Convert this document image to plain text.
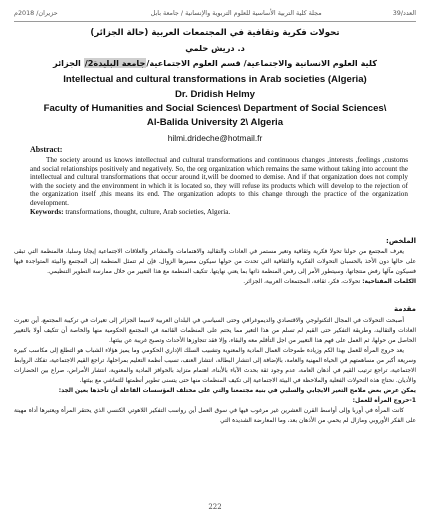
العدد/39
مجلة كلية التربية الأساسية للعلوم التربوية والإنسانية / جامعة بابل
حزيران/ 2018م
تحولات فكرية وثقافية في المجتمعات العربية (حالة الجزائر)
د. دريش حلمي
كلية العلوم الانسانية والاجتماعية/ قسم العلوم الاجتماعية/جامعة البليدة2/ الجزائر
Intellectual and cultural transformations in Arab societies (Algeria)
Dr. Dridish Helmy
Faculty of Humanities and Social Sciences\ Department of Social Sciences\
Al-Balida University 2\ Algeria
hilmi.drideche@hotmail.fr
Abstract:

The society around us knows intellectual and cultural transformations and continuous changes ,interests ,feelings ,customs and social relationships positively and negatively. So, the org organization which remains the same without taking into account the intellectual and cultural transformations that occur around it,will be doomed to demise. And if that organization does not comply with the society and the environment in which it is located so, they will refuse its products which will develop to the rejection of the organization itself ,this means its end. The organization adopts to this change through the practice of the organization development.

Keywords: transformations, thought, culture, Arab societies, Algeria.
الملخص:

يعرف المجتمع من حولنا تحولا فكرية وثقافية وتغير مستمر في العادات والتقاليد والاهتمامات والمشاعر والعلاقات الاجتماعية إيجابا وسلبا، فالمنظمة التي تبقى على حالها دون الأخذ بالحسبان التحولات الفكرية والثقافية التي تحدث من حولها سيكون مصيرها الزوال. فإن لم تتمثل المنظمة إلى المجتمع والبيئة المتواجدة فيها فسيكون مآلها رفض منتجاتها، وسيتطور الأمر إلى رفض المنظمة ذاتها بما يعني نهايتها. تتكيف المنظمة مع هذا التغيير من خلال ممارسة التطوير التنظيمي.

الكلمات المفتاحية: تحولات، فكر، ثقافة، المجتمعات العربية، الجزائر.
مقدمة

أصبحت التحولات في المجال التكنولوجي والاقتصادي والديموغرافي وحتى السياسي في البلدان العربية لاسيما الجزائر إلى تغيرات في تركيبة المجتمع، أين تغيرت العادات والتقاليد، وطريقة التفكير حتى القيم لم تسلم من هذا التغير مما يحتم على المنظمات القائمة في المجتمع الحكومية منها والخاصة أن تتكيف أولا بالتغيير الحاصل من حولها، ثم العمل على فهم هذا التغيير من اجل التأقلم معه والبقاء، وإلا فقد تتجاوزها الأحداث وتصبح غريبة عن بيئتها.

يعد خروج المرأة للعمل بهذا الكم وزيادة طموحات العمال المادية والمعنوية وتشبيب السلك الإداري الحكومي وما يميز هؤلاء الشباب هو التطلع إلى مكاسب كبيرة وسريعة أكبر من مساهمتهم في الحياة المهنية والعامة، بالإضافة إلى انتشار البطالة، انتشار العنف، تسيب أنظمة التعليم بمراحلها، تراجع القيم الاجتماعية، تفكك الروابط الاجتماعية، تراجع ترتيب القيم في أذهان العامة، عدم وجود ثقة بحدث الآباء بالأبناء، اهتمام متزايد بالحوافز المادية والمعنوية، انتشار الأمراض، صراع بين الحضارات والأديان. نحتاج هذه التحولات الفعلية والملاحظة في البيئة الاجتماعية إلى تكيف المنظمات منها حتى يتسنى تطوير أنظمتها للتماشي مع بيئتها.

يمكن عرض بعض ملامح التغير الايجابي والسلبي في بنية مجتمعنا والتي على مختلف المؤسسات الفاعلة أن تأخذها بعين الجد:
1-خروج المرأة للعمل:

كانت المرأة في أوربا وإلى أواسط القرن العشرين غير مرغوب فيها في سوق العمل أين رواسب التفكير اللاهوتي الكنسي الذي يحتقر المرأة ويعتبرها أداة مهينة على الفكر الأوروبي ومازال لم يحمي من الأذهان بعد، وما المعارضة الشديدة التي

222
